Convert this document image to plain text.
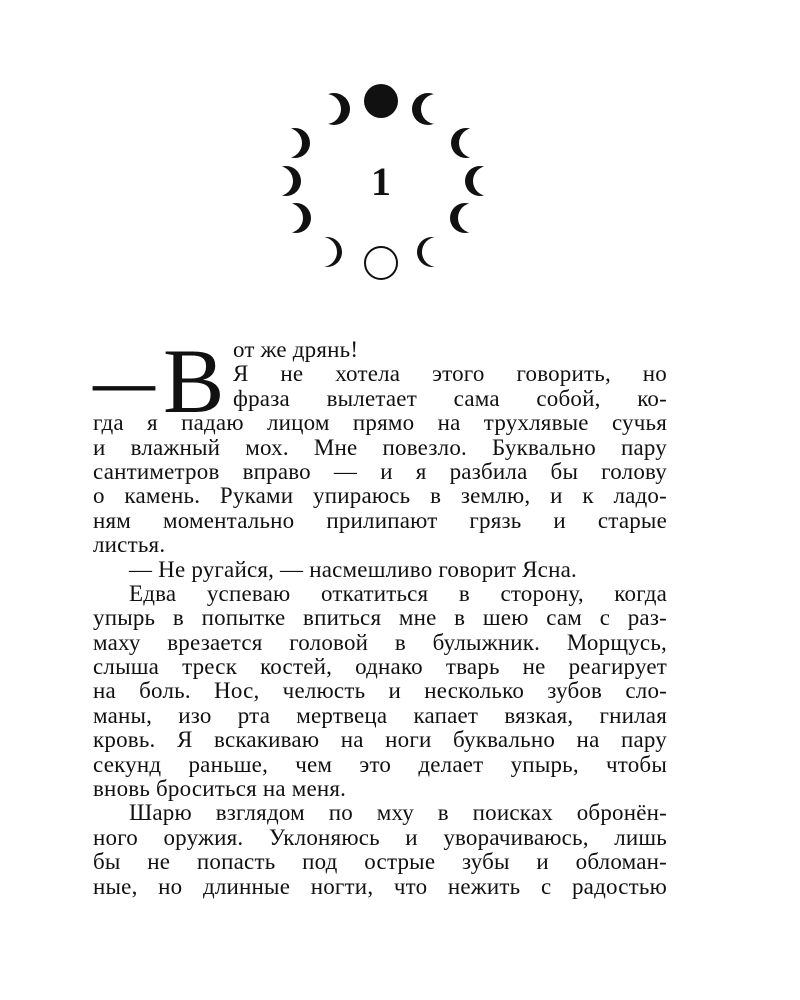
1
— В от же дрянь!
Я не хотела этого говорить, но
фраза вылетает сама собой, ко-
гда я падаю лицом прямо на трухлявые сучья
и влажный мох. Мне повезло. Буквально пару
сантиметров вправо — и я разбила бы голову
о камень. Руками упираюсь в землю, и к ладо-
ням моментально прилипают грязь и старые
листья.
— Не ругайся, — насмешливо говорит Ясна.
Едва успеваю откатиться в сторону, когда
упырь в попытке впиться мне в шею сам с раз-
маху врезается головой в булыжник. Морщусь,
слыша треск костей, однако тварь не реагирует
на боль. Нос, челюсть и несколько зубов сло-
маны, изо рта мертвеца капает вязкая, гнилая
кровь. Я вскакиваю на ноги буквально на пару
секунд раньше, чем это делает упырь, чтобы
вновь броситься на меня.
Шарю взглядом по мху в поисках обронён-
ного оружия. Уклоняюсь и уворачиваюсь, лишь
бы не попасть под острые зубы и обломан-
ные, но длинные ногти, что нежить с радостью
